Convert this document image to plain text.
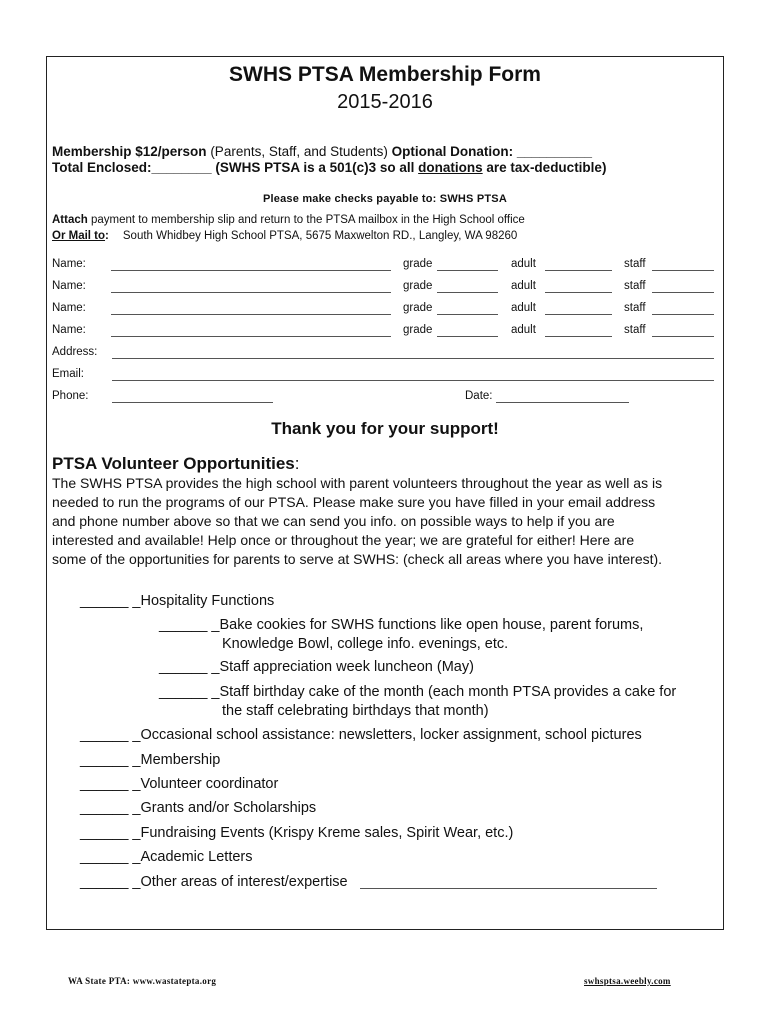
SWHS PTSA Membership Form
2015-2016
Membership $12/person (Parents, Staff, and Students) Optional Donation: __________
Total Enclosed:________ (SWHS PTSA is a 501(c)3 so all donations are tax-deductible)
Please make checks payable to: SWHS PTSA
Attach payment to membership slip and return to the PTSA mailbox in the High School office
Or Mail to: South Whidbey High School PTSA, 5675 Maxwelton RD., Langley, WA 98260
Name:	grade	adult	staff
Name:	grade	adult	staff
Name:	grade	adult	staff
Name:	grade	adult	staff
Address:
Email:
Phone:	Date:
Thank you for your support!
PTSA Volunteer Opportunities:

The SWHS PTSA provides the high school with parent volunteers throughout the year as well as is

needed to run the programs of our PTSA. Please make sure you have filled in your email address

and phone number above so that we can send you info. on possible ways to help if you are

interested and available! Help once or throughout the year; we are grateful for either! Here are

some of the opportunities for parents to serve at SWHS: (check all areas where you have interest).

______ _Hospitality Functions
______ _Bake cookies for SWHS functions like open house, parent forums,
Knowledge Bowl, college info. evenings, etc.
______ _Staff appreciation week luncheon (May)
______ _Staff birthday cake of the month (each month PTSA provides a cake for
the staff celebrating birthdays that month)
______ _Occasional school assistance: newsletters, locker assignment, school pictures
______ _Membership
______ _Volunteer coordinator
______ _Grants and/or Scholarships
______ _Fundraising Events (Krispy Kreme sales, Spirit Wear, etc.)
______ _Academic Letters
______ _Other areas of interest/expertise
WA State PTA: www.wastatepta.org	swhsptsa.weebly.com
